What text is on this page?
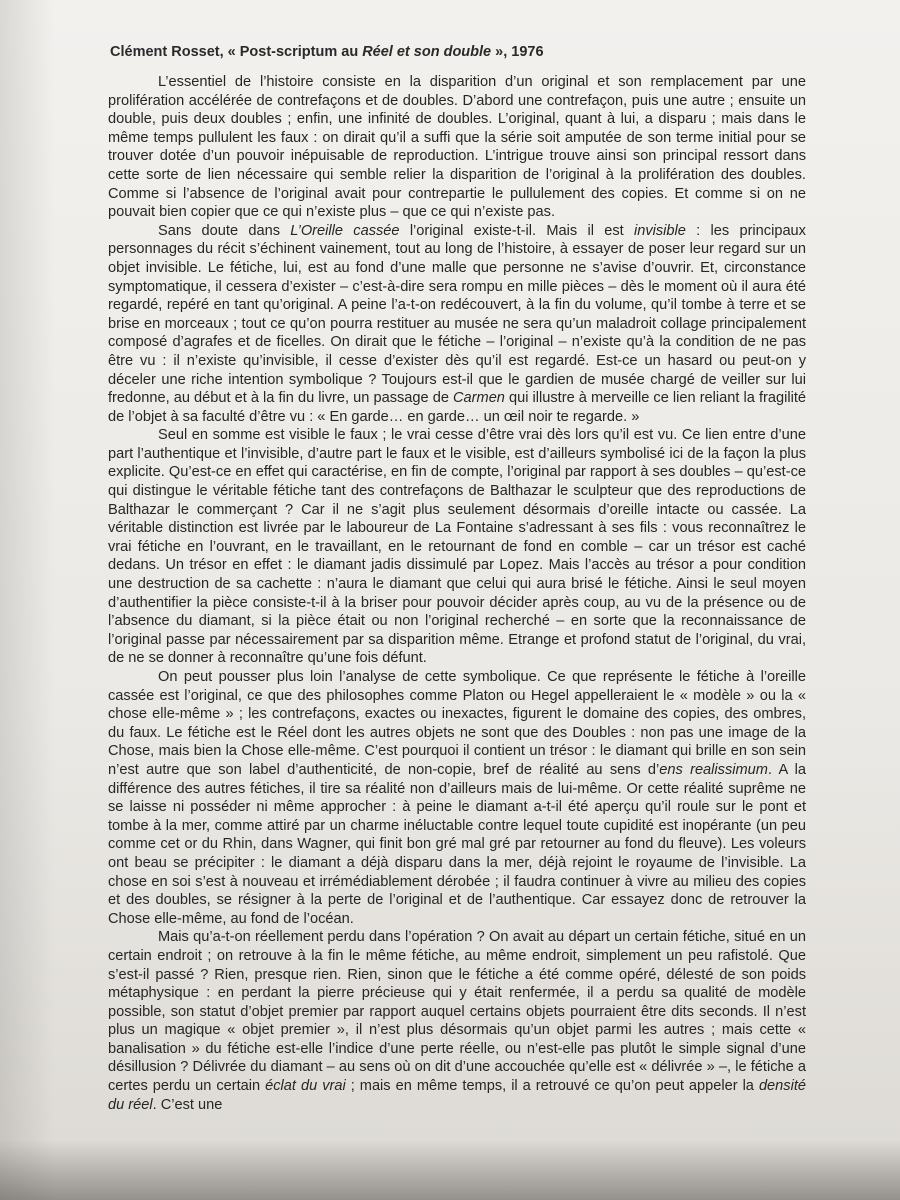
Clément Rosset, « Post-scriptum au Réel et son double », 1976

L’essentiel de l’histoire consiste en la disparition d’un original et son remplacement par une prolifération accélérée de contrefaçons et de doubles. D’abord une contrefaçon, puis une autre ; ensuite un double, puis deux doubles ; enfin, une infinité de doubles. L’original, quant à lui, a disparu ; mais dans le même temps pullulent les faux : on dirait qu’il a suffi que la série soit amputée de son terme initial pour se trouver dotée d’un pouvoir inépuisable de reproduction. L’intrigue trouve ainsi son principal ressort dans cette sorte de lien nécessaire qui semble relier la disparition de l’original à la prolifération des doubles. Comme si l’absence de l’original avait pour contrepartie le pullulement des copies. Et comme si on ne pouvait bien copier que ce qui n’existe plus – que ce qui n’existe pas.

Sans doute dans L’Oreille cassée l’original existe-t-il. Mais il est invisible : les principaux personnages du récit s’échinent vainement, tout au long de l’histoire, à essayer de poser leur regard sur un objet invisible. Le fétiche, lui, est au fond d’une malle que personne ne s’avise d’ouvrir. Et, circonstance symptomatique, il cessera d’exister – c’est-à-dire sera rompu en mille pièces – dès le moment où il aura été regardé, repéré en tant qu’original. A peine l’a-t-on redécouvert, à la fin du volume, qu’il tombe à terre et se brise en morceaux ; tout ce qu’on pourra restituer au musée ne sera qu’un maladroit collage principalement composé d’agrafes et de ficelles. On dirait que le fétiche – l’original – n’existe qu’à la condition de ne pas être vu : il n’existe qu’invisible, il cesse d’exister dès qu’il est regardé. Est-ce un hasard ou peut-on y déceler une riche intention symbolique ? Toujours est-il que le gardien de musée chargé de veiller sur lui fredonne, au début et à la fin du livre, un passage de Carmen qui illustre à merveille ce lien reliant la fragilité de l’objet à sa faculté d’être vu : « En garde… en garde… un œil noir te regarde. »

Seul en somme est visible le faux ; le vrai cesse d’être vrai dès lors qu’il est vu. Ce lien entre d’une part l’authentique et l’invisible, d’autre part le faux et le visible, est d’ailleurs symbolisé ici de la façon la plus explicite. Qu’est-ce en effet qui caractérise, en fin de compte, l’original par rapport à ses doubles – qu’est-ce qui distingue le véritable fétiche tant des contrefaçons de Balthazar le sculpteur que des reproductions de Balthazar le commerçant ? Car il ne s’agit plus seulement désormais d’oreille intacte ou cassée. La véritable distinction est livrée par le laboureur de La Fontaine s’adressant à ses fils : vous reconnaîtrez le vrai fétiche en l’ouvrant, en le travaillant, en le retournant de fond en comble – car un trésor est caché dedans. Un trésor en effet : le diamant jadis dissimulé par Lopez. Mais l’accès au trésor a pour condition une destruction de sa cachette : n’aura le diamant que celui qui aura brisé le fétiche. Ainsi le seul moyen d’authentifier la pièce consiste-t-il à la briser pour pouvoir décider après coup, au vu de la présence ou de l’absence du diamant, si la pièce était ou non l’original recherché – en sorte que la reconnaissance de l’original passe par nécessairement par sa disparition même. Etrange et profond statut de l’original, du vrai, de ne se donner à reconnaître qu’une fois défunt.

On peut pousser plus loin l’analyse de cette symbolique. Ce que représente le fétiche à l’oreille cassée est l’original, ce que des philosophes comme Platon ou Hegel appelleraient le « modèle » ou la « chose elle-même » ; les contrefaçons, exactes ou inexactes, figurent le domaine des copies, des ombres, du faux. Le fétiche est le Réel dont les autres objets ne sont que des Doubles : non pas une image de la Chose, mais bien la Chose elle-même. C’est pourquoi il contient un trésor : le diamant qui brille en son sein n’est autre que son label d’authenticité, de non-copie, bref de réalité au sens d’ens realissimum. A la différence des autres fétiches, il tire sa réalité non d’ailleurs mais de lui-même. Or cette réalité suprême ne se laisse ni posséder ni même approcher : à peine le diamant a-t-il été aperçu qu’il roule sur le pont et tombe à la mer, comme attiré par un charme inéluctable contre lequel toute cupidité est inopérante (un peu comme cet or du Rhin, dans Wagner, qui finit bon gré mal gré par retourner au fond du fleuve). Les voleurs ont beau se précipiter : le diamant a déjà disparu dans la mer, déjà rejoint le royaume de l’invisible. La chose en soi s’est à nouveau et irrémédiablement dérobée ; il faudra continuer à vivre au milieu des copies et des doubles, se résigner à la perte de l’original et de l’authentique. Car essayez donc de retrouver la Chose elle-même, au fond de l’océan.

Mais qu’a-t-on réellement perdu dans l’opération ? On avait au départ un certain fétiche, situé en un certain endroit ; on retrouve à la fin le même fétiche, au même endroit, simplement un peu rafistolé. Que s’est-il passé ? Rien, presque rien. Rien, sinon que le fétiche a été comme opéré, délesté de son poids métaphysique : en perdant la pierre précieuse qui y était renfermée, il a perdu sa qualité de modèle possible, son statut d’objet premier par rapport auquel certains objets pourraient être dits seconds. Il n’est plus un magique « objet premier », il n’est plus désormais qu’un objet parmi les autres ; mais cette « banalisation » du fétiche est-elle l’indice d’une perte réelle, ou n’est-elle pas plutôt le simple signal d’une désillusion ? Délivrée du diamant – au sens où on dit d’une accouchée qu’elle est « délivrée » –, le fétiche a certes perdu un certain éclat du vrai ; mais en même temps, il a retrouvé ce qu’on peut appeler la densité du réel. C’est une
